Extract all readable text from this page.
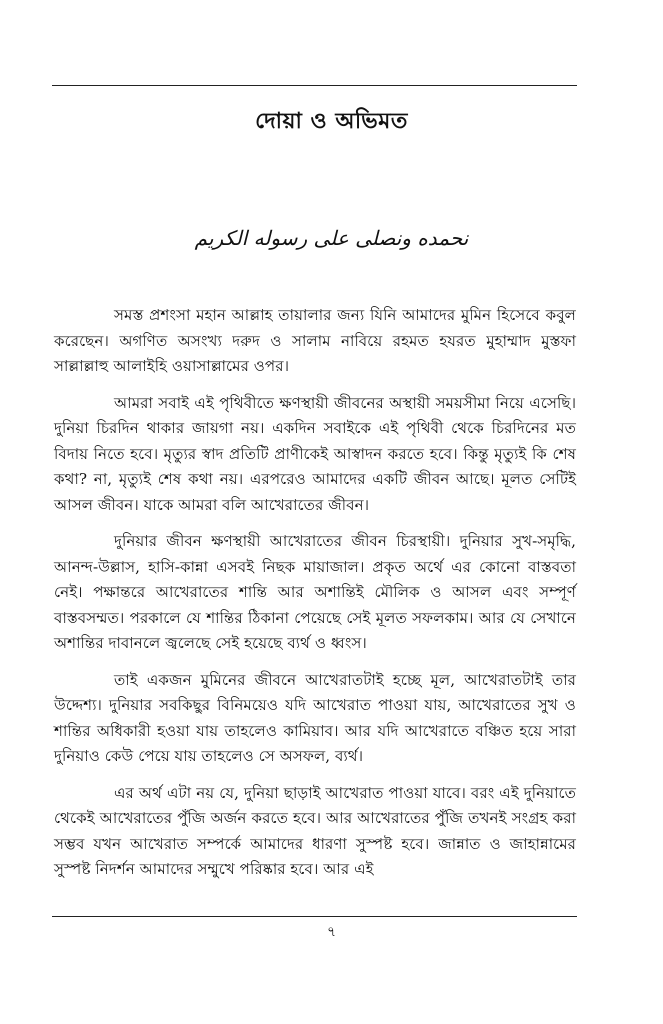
দোয়া ও অভিমত
نحمده ونصلی علی رسوله الكريم

সমস্ত প্রশংসা মহান আল্লাহ তায়ালার জন্য যিনি আমাদের মুমিন হিসেবে কবুল করেছেন। অগণিত অসংখ্য দরুদ ও সালাম নাবিয়ে রহমত হযরত মুহাম্মাদ মুস্তফা সাল্লাল্লাহু আলাইহি ওয়াসাল্লামের ওপর।

আমরা সবাই এই পৃথিবীতে ক্ষণস্থায়ী জীবনের অস্থায়ী সময়সীমা নিয়ে এসেছি। দুনিয়া চিরদিন থাকার জায়গা নয়। একদিন সবাইকে এই পৃথিবী থেকে চিরদিনের মত বিদায় নিতে হবে। মৃত্যুর স্বাদ প্রতিটি প্রাণীকেই আস্বাদন করতে হবে। কিন্তু মৃত্যুই কি শেষ কথা? না, মৃত্যুই শেষ কথা নয়। এরপরেও আমাদের একটি জীবন আছে। মূলত সেটিই আসল জীবন। যাকে আমরা বলি আখেরাতের জীবন।

দুনিয়ার জীবন ক্ষণস্থায়ী আখেরাতের জীবন চিরস্থায়ী। দুনিয়ার সুখ-সমৃদ্ধি, আনন্দ-উল্লাস, হাসি-কান্না এসবই নিছক মায়াজাল। প্রকৃত অর্থে এর কোনো বাস্তবতা নেই। পক্ষান্তরে আখেরাতের শান্তি আর অশান্তিই মৌলিক ও আসল এবং সম্পূর্ণ বাস্তবসম্মত। পরকালে যে শান্তির ঠিকানা পেয়েছে সেই মূলত সফলকাম। আর যে সেখানে অশান্তির দাবানলে জ্বলেছে সেই হয়েছে ব্যর্থ ও ধ্বংস।

তাই একজন মুমিনের জীবনে আখেরাতটাই হচ্ছে মূল, আখেরাতটাই তার উদ্দেশ্য। দুনিয়ার সবকিছুর বিনিময়েও যদি আখেরাত পাওয়া যায়, আখেরাতের সুখ ও শান্তির অধিকারী হওয়া যায় তাহলেও কামিয়াব। আর যদি আখেরাতে বঞ্চিত হয়ে সারা দুনিয়াও কেউ পেয়ে যায় তাহলেও সে অসফল, ব্যর্থ।

এর অর্থ এটা নয় যে, দুনিয়া ছাড়াই আখেরাত পাওয়া যাবে। বরং এই দুনিয়াতে থেকেই আখেরাতের পুঁজি অর্জন করতে হবে। আর আখেরাতের পুঁজি তখনই সংগ্রহ করা সম্ভব যখন আখেরাত সম্পর্কে আমাদের ধারণা সুস্পষ্ট হবে। জান্নাত ও জাহান্নামের সুস্পষ্ট নিদর্শন আমাদের সম্মুখে পরিষ্কার হবে। আর এই

৭
